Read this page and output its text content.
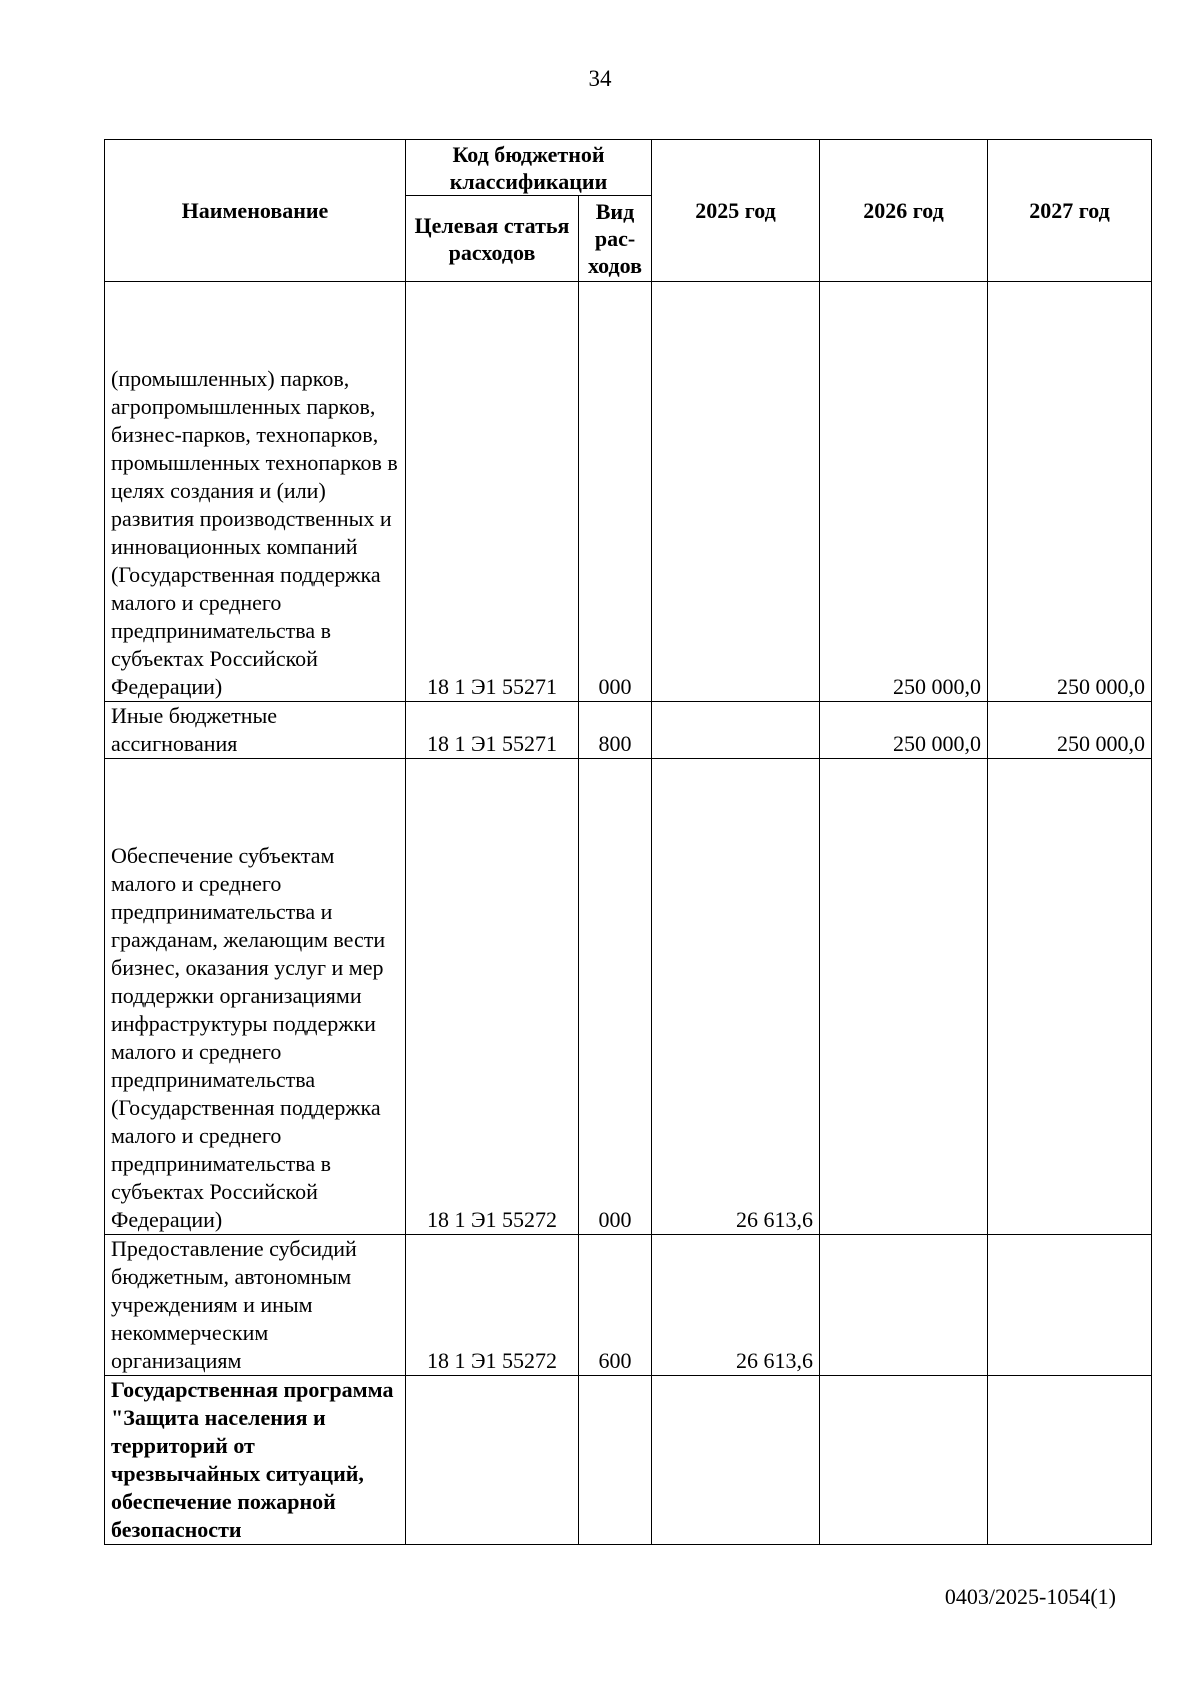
34
Наименование	Код бюджетной классификации		2025 год	2026 год	2027 год
	Целевая статья расходов	Вид рас-ходов			
(промышленных) парков, агропромышленных парков, бизнес-парков, технопарков, промышленных технопарков в целях создания и (или) развития производственных и инновационных компаний (Государственная поддержка малого и среднего предпринимательства в субъектах Российской Федерации)	18 1 Э1 55271	000		250 000,0	250 000,0
Иные бюджетные ассигнования	18 1 Э1 55271	800		250 000,0	250 000,0
Обеспечение субъектам малого и среднего предпринимательства и гражданам, желающим вести бизнес, оказания услуг и мер поддержки организациями инфраструктуры поддержки малого и среднего предпринимательства (Государственная поддержка малого и среднего предпринимательства в субъектах Российской Федерации)	18 1 Э1 55272	000	26 613,6		
Предоставление субсидий бюджетным, автономным учреждениям и иным некоммерческим организациям	18 1 Э1 55272	600	26 613,6		
Государственная программа "Защита населения и территорий от чрезвычайных ситуаций, обеспечение пожарной безопасности					
0403/2025-1054(1)
